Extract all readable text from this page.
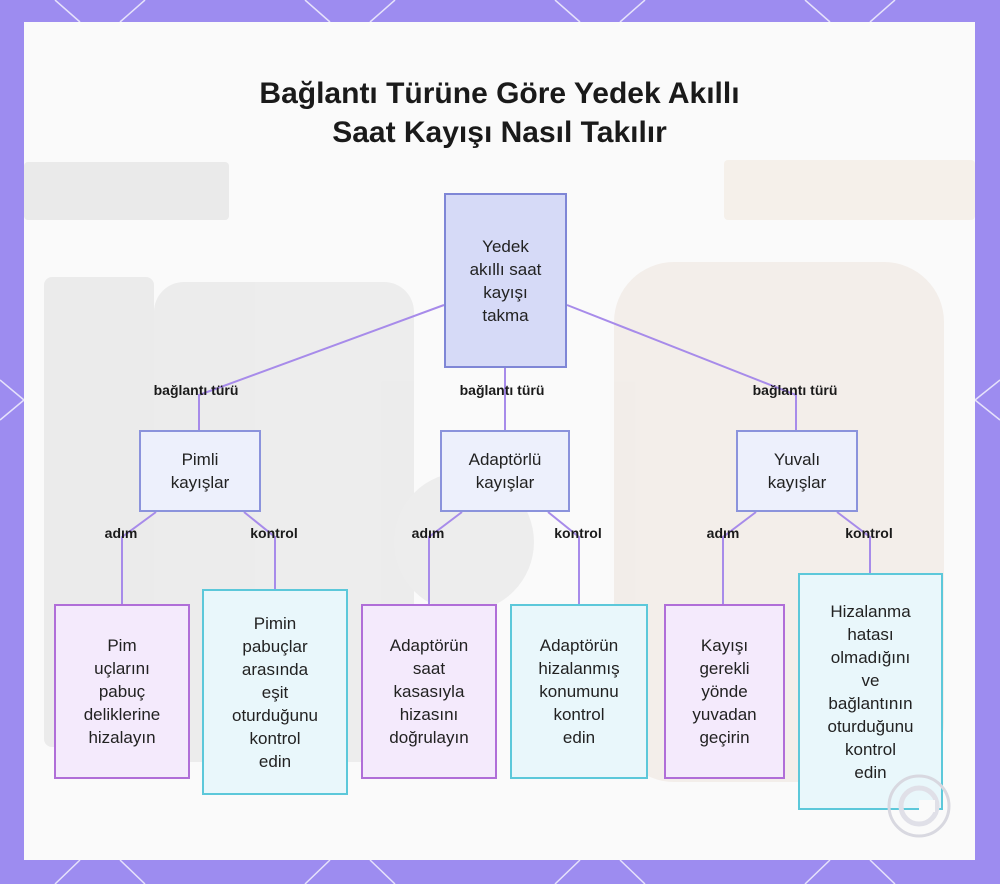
Bağlantı Türüne Göre Yedek Akıllı
Saat Kayışı Nasıl Takılır
bağlantı türü	bağlantı türü	bağlantı türü
adım	kontrol	adım	kontrol	adım	kontrol
Yedek
akıllı saat
kayışı
takma
Pimli
kayışlar
Adaptörlü
kayışlar
Yuvalı
kayışlar
Pim
uçlarını
pabuç
deliklerine
hizalayın
Pimin
pabuçlar
arasında
eşit
oturduğunu
kontrol
edin
Adaptörün
saat
kasasıyla
hizasını
doğrulayın
Adaptörün
hizalanmış
konumunu
kontrol
edin
Kayışı
gerekli
yönde
yuvadan
geçirin
Hizalanma
hatası
olmadığını
ve
bağlantının
oturduğunu
kontrol
edin
